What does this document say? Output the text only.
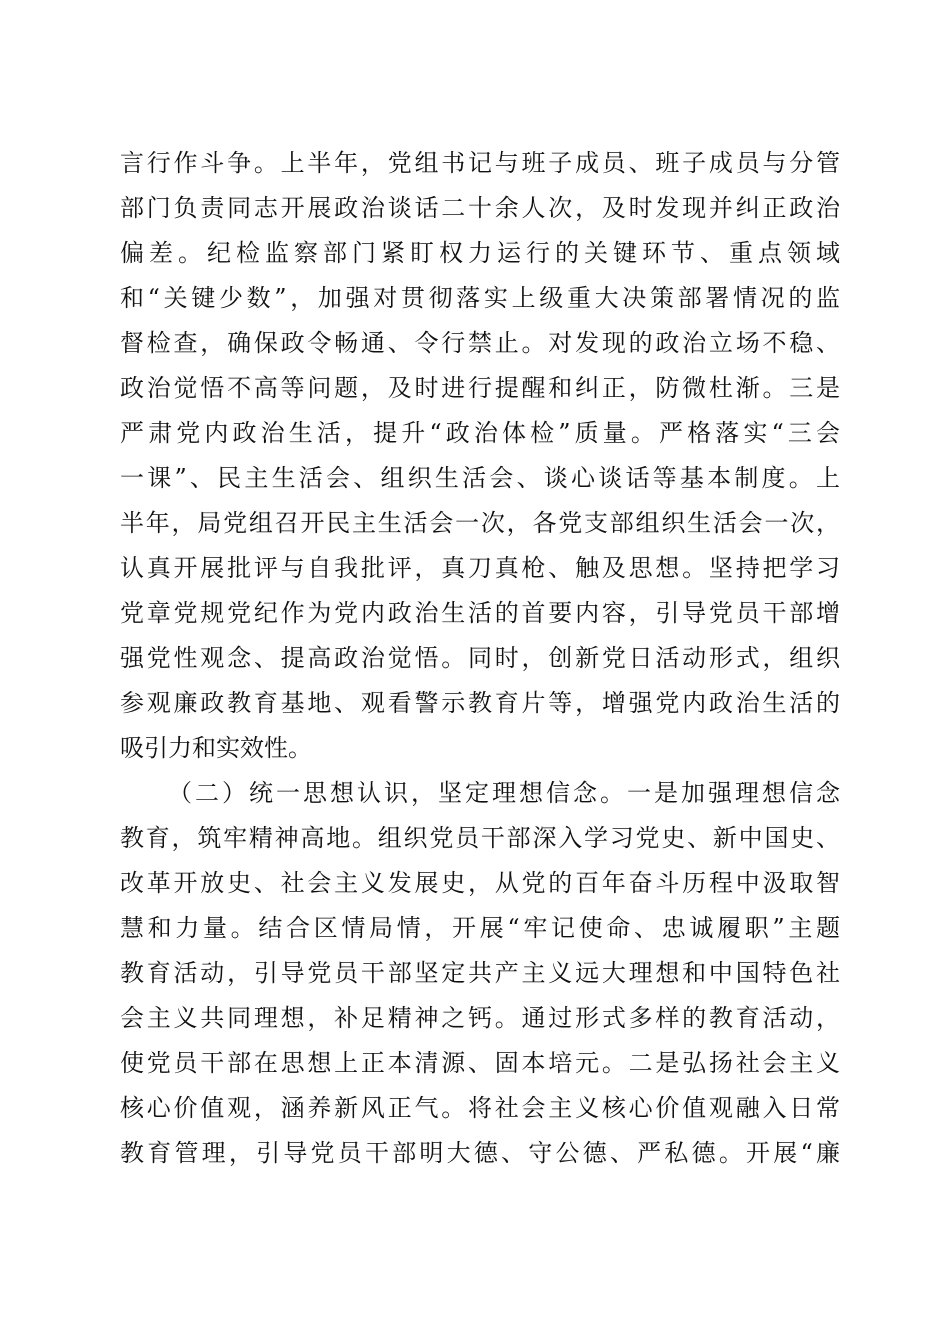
言行作斗争。上半年，党组书记与班子成员、班子成员与分管
部门负责同志开展政治谈话二十余人次，及时发现并纠正政治
偏差。纪检监察部门紧盯权力运行的关键环节、重点领域
和“关键少数”，加强对贯彻落实上级重大决策部署情况的监
督检查，确保政令畅通、令行禁止。对发现的政治立场不稳、
政治觉悟不高等问题，及时进行提醒和纠正，防微杜渐。三是
严肃党内政治生活，提升“政治体检”质量。严格落实“三会
一课”、民主生活会、组织生活会、谈心谈话等基本制度。上
半年，局党组召开民主生活会一次，各党支部组织生活会一次，
认真开展批评与自我批评，真刀真枪、触及思想。坚持把学习
党章党规党纪作为党内政治生活的首要内容，引导党员干部增
强党性观念、提高政治觉悟。同时，创新党日活动形式，组织
参观廉政教育基地、观看警示教育片等，增强党内政治生活的
吸引力和实效性。
（二）统一思想认识，坚定理想信念。一是加强理想信念
教育，筑牢精神高地。组织党员干部深入学习党史、新中国史、
改革开放史、社会主义发展史，从党的百年奋斗历程中汲取智
慧和力量。结合区情局情，开展“牢记使命、忠诚履职”主题
教育活动，引导党员干部坚定共产主义远大理想和中国特色社
会主义共同理想，补足精神之钙。通过形式多样的教育活动，
使党员干部在思想上正本清源、固本培元。二是弘扬社会主义
核心价值观，涵养新风正气。将社会主义核心价值观融入日常
教育管理，引导党员干部明大德、守公德、严私德。开展“廉
